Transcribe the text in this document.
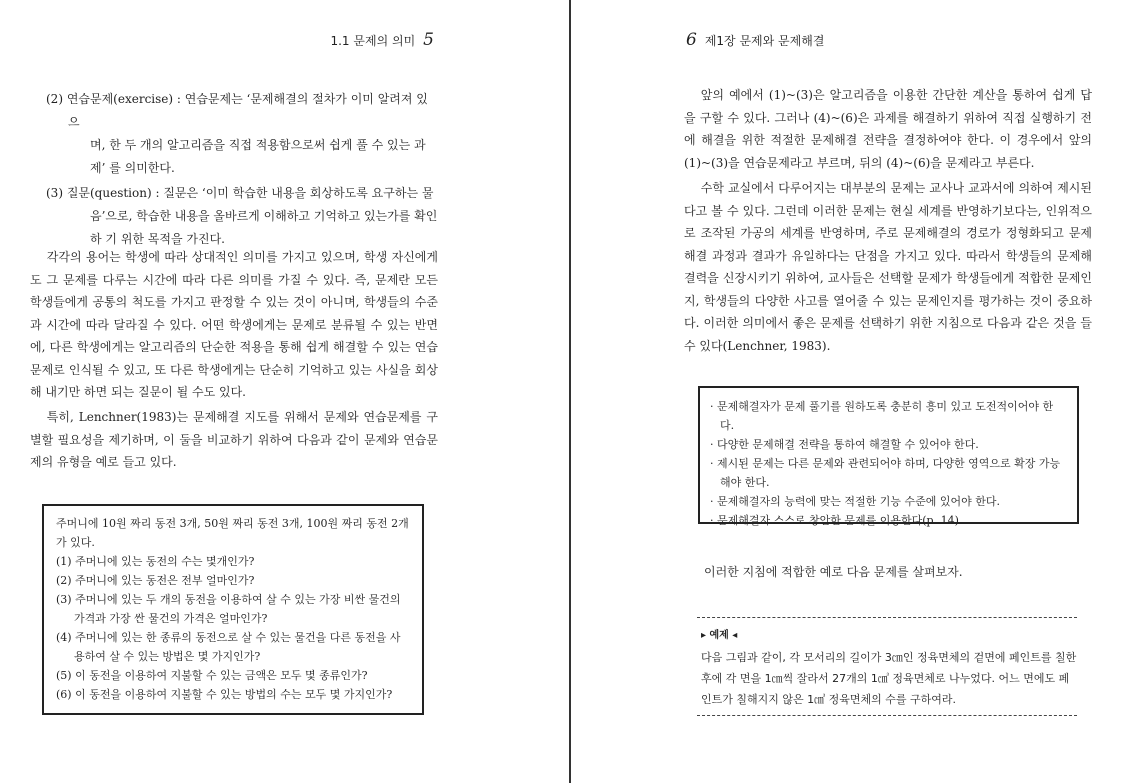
1.1 문제의 의미 5
(2) 연습문제(exercise) : 연습문제는 ‘문제해결의 절차가 이미 알려져 있으
며, 한 두 개의 알고리즘을 직접 적용함으로써 쉽게 풀 수 있는 과제’ 를 의미한다.
(3) 질문(question) : 질문은 ‘이미 학습한 내용을 회상하도록 요구하는 물
음’으로, 학습한 내용을 올바르게 이해하고 기억하고 있는가를 확인하 기 위한 목적을 가진다.

각각의 용어는 학생에 따라 상대적인 의미를 가지고 있으며, 학생 자신에게도 그 문제를 다루는 시간에 따라 다른 의미를 가질 수 있다. 즉, 문제란 모든 학생들에게 공통의 척도를 가지고 판정할 수 있는 것이 아니며, 학생들의 수준과 시간에 따라 달라질 수 있다. 어떤 학생에게는 문제로 분류될 수 있는 반면에, 다른 학생에게는 알고리즘의 단순한 적용을 통해 쉽게 해결할 수 있는 연습문제로 인식될 수 있고, 또 다른 학생에게는 단순히 기억하고 있는 사실을 회상해 내기만 하면 되는 질문이 될 수도 있다.

특히, Lenchner(1983)는 문제해결 지도를 위해서 문제와 연습문제를 구별할 필요성을 제기하며, 이 둘을 비교하기 위하여 다음과 같이 문제와 연습문제의 유형을 예로 들고 있다.

주머니에 10원 짜리 동전 3개, 50원 짜리 동전 3개, 100원 짜리 동전 2개가 있다.

(1) 주머니에 있는 동전의 수는 몇개인가?

(2) 주머니에 있는 동전은 전부 얼마인가?

(3) 주머니에 있는 두 개의 동전을 이용하여 살 수 있는 가장 비싼 물건의 가격과 가장 싼 물건의 가격은 얼마인가?

(4) 주머니에 있는 한 종류의 동전으로 살 수 있는 물건을 다른 동전을 사용하여 살 수 있는 방법은 몇 가지인가?

(5) 이 동전을 이용하여 지불할 수 있는 금액은 모두 몇 종류인가?

(6) 이 동전을 이용하여 지불할 수 있는 방법의 수는 모두 몇 가지인가?

6 제1장 문제와 문제해결

앞의 예에서 (1)~(3)은 알고리즘을 이용한 간단한 계산을 통하여 쉽게 답을 구할 수 있다. 그러나 (4)~(6)은 과제를 해결하기 위하여 직접 실행하기 전에 해결을 위한 적절한 문제해결 전략을 결정하여야 한다. 이 경우에서 앞의 (1)~(3)을 연습문제라고 부르며, 뒤의 (4)~(6)을 문제라고 부른다.

수학 교실에서 다루어지는 대부분의 문제는 교사나 교과서에 의하여 제시된다고 볼 수 있다. 그런데 이러한 문제는 현실 세계를 반영하기보다는, 인위적으로 조작된 가공의 세계를 반영하며, 주로 문제해결의 경로가 정형화되고 문제해결 과정과 결과가 유일하다는 단점을 가지고 있다. 따라서 학생들의 문제해결력을 신장시키기 위하여, 교사들은 선택할 문제가 학생들에게 적합한 문제인지, 학생들의 다양한 사고를 열어줄 수 있는 문제인지를 평가하는 것이 중요하다. 이러한 의미에서 좋은 문제를 선택하기 위한 지침으로 다음과 같은 것을 들 수 있다(Lenchner, 1983).

· 문제해결자가 문제 풀기를 원하도록 충분히 흥미 있고 도전적이어야 한다.

· 다양한 문제해결 전략을 통하여 해결할 수 있어야 한다.

· 제시된 문제는 다른 문제와 관련되어야 하며, 다양한 영역으로 확장 가능해야 한다.

· 문제해결자의 능력에 맞는 적절한 기능 수준에 있어야 한다.

· 문제해결자 스스로 창안한 문제를 이용한다(p. 14).

이러한 지침에 적합한 예로 다음 문제를 살펴보자.
▸ 예제 ◂
다음 그림과 같이, 각 모서리의 길이가 3㎝인 정육면체의 겉면에 페인트를 칠한 후에 각 면을 1㎝씩 잘라서 27개의 1㎤ 정육면체로 나누었다. 어느 면에도 페인트가 칠해지지 않은 1㎤ 정육면체의 수를 구하여라.
